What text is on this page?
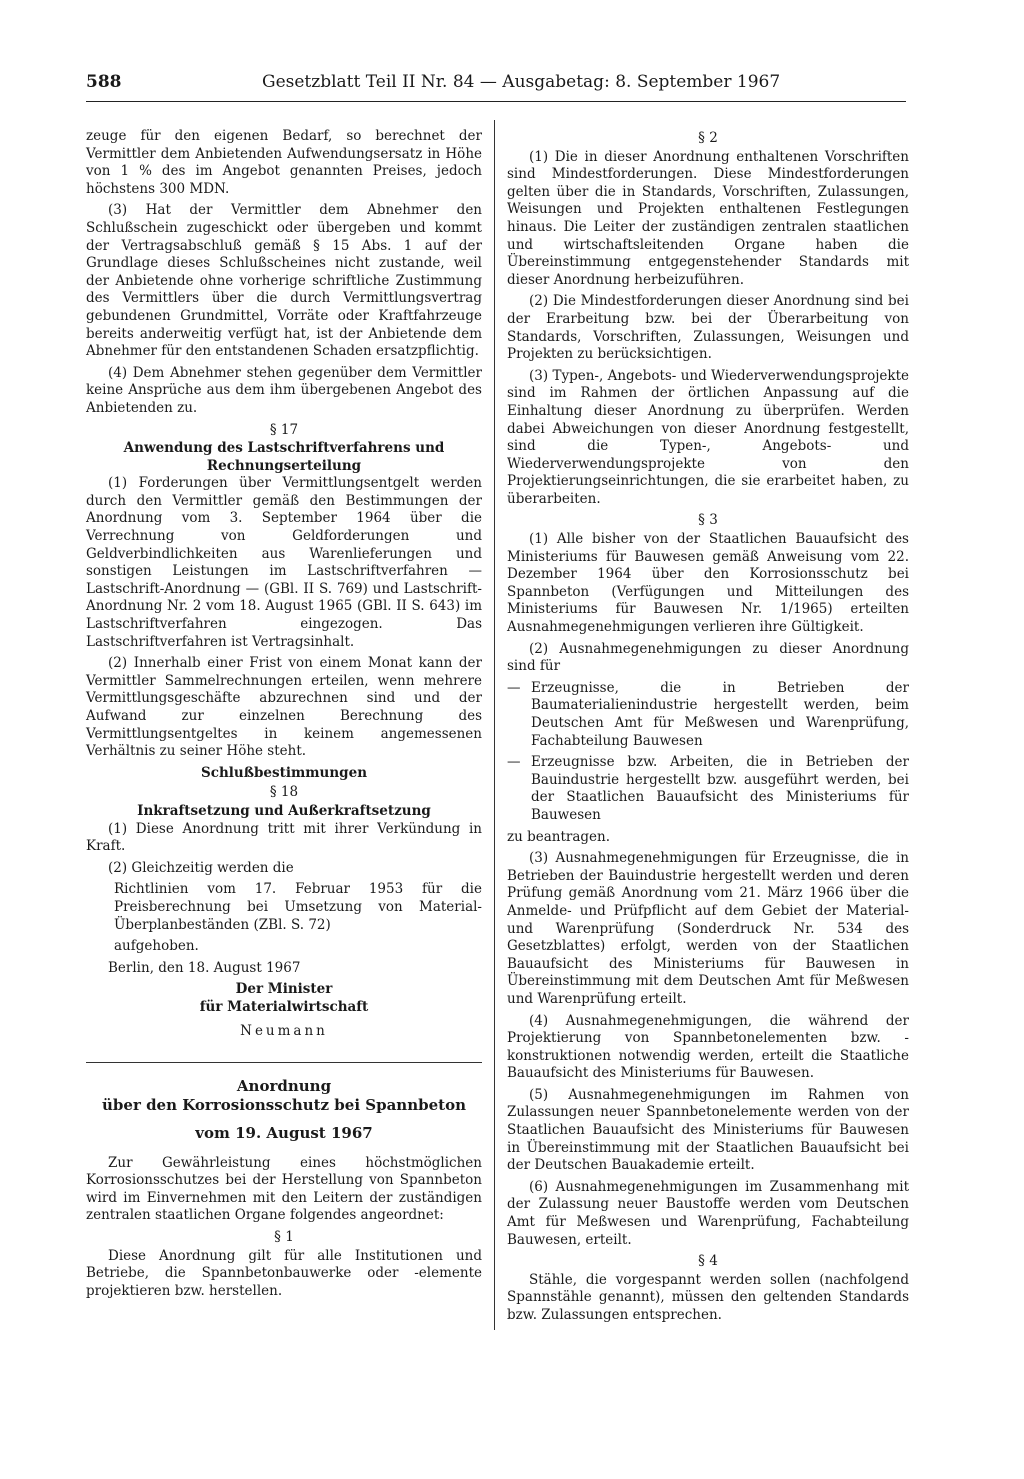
588	Gesetzblatt Teil II Nr. 84 — Ausgabetag: 8. September 1967

zeuge für den eigenen Bedarf, so berechnet der Vermittler dem Anbietenden Aufwendungsersatz in Höhe von 1 % des im Angebot genannten Preises, jedoch höchstens 300 MDN.

(3) Hat der Vermittler dem Abnehmer den Schlußschein zugeschickt oder übergeben und kommt der Vertragsabschluß gemäß § 15 Abs. 1 auf der Grundlage dieses Schlußscheines nicht zustande, weil der Anbietende ohne vorherige schriftliche Zustimmung des Vermittlers über die durch Vermittlungsvertrag gebundenen Grundmittel, Vorräte oder Kraftfahrzeuge bereits anderweitig verfügt hat, ist der Anbietende dem Abnehmer für den entstandenen Schaden ersatzpflichtig.

(4) Dem Abnehmer stehen gegenüber dem Vermittler keine Ansprüche aus dem ihm übergebenen Angebot des Anbietenden zu.

§ 17

Anwendung des Lastschriftverfahrens und

Rechnungserteilung

(1) Forderungen über Vermittlungsentgelt werden durch den Vermittler gemäß den Bestimmungen der Anordnung vom 3. September 1964 über die Verrechnung von Geldforderungen und Geldverbindlichkeiten aus Warenlieferungen und sonstigen Leistungen im Lastschriftverfahren — Lastschrift-Anordnung — (GBl. II S. 769) und Lastschrift-Anordnung Nr. 2 vom 18. August 1965 (GBl. II S. 643) im Lastschriftverfahren eingezogen. Das Lastschriftverfahren ist Vertragsinhalt.

(2) Innerhalb einer Frist von einem Monat kann der Vermittler Sammelrechnungen erteilen, wenn mehrere Vermittlungsgeschäfte abzurechnen sind und der Aufwand zur einzelnen Berechnung des Vermittlungsentgeltes in keinem angemessenen Verhältnis zu seiner Höhe steht.

Schlußbestimmungen

§ 18

Inkraftsetzung und Außerkraftsetzung

(1) Diese Anordnung tritt mit ihrer Verkündung in Kraft.

(2) Gleichzeitig werden die

Richtlinien vom 17. Februar 1953 für die Preisberechnung bei Umsetzung von Material-Überplanbeständen (ZBl. S. 72)

aufgehoben.

Berlin, den 18. August 1967

Der Minister

für Materialwirtschaft

Neumann

Anordnung

über den Korrosionsschutz bei Spannbeton

vom 19. August 1967

Zur Gewährleistung eines höchstmöglichen Korrosionsschutzes bei der Herstellung von Spannbeton wird im Einvernehmen mit den Leitern der zuständigen zentralen staatlichen Organe folgendes angeordnet:

§ 1

Diese Anordnung gilt für alle Institutionen und Betriebe, die Spannbetonbauwerke oder -elemente projektieren bzw. herstellen.

§ 2

(1) Die in dieser Anordnung enthaltenen Vorschriften sind Mindestforderungen. Diese Mindestforderungen gelten über die in Standards, Vorschriften, Zulassungen, Weisungen und Projekten enthaltenen Festlegungen hinaus. Die Leiter der zuständigen zentralen staatlichen und wirtschaftsleitenden Organe haben die Übereinstimmung entgegenstehender Standards mit dieser Anordnung herbeizuführen.

(2) Die Mindestforderungen dieser Anordnung sind bei der Erarbeitung bzw. bei der Überarbeitung von Standards, Vorschriften, Zulassungen, Weisungen und Projekten zu berücksichtigen.

(3) Typen-, Angebots- und Wiederverwendungsprojekte sind im Rahmen der örtlichen Anpassung auf die Einhaltung dieser Anordnung zu überprüfen. Werden dabei Abweichungen von dieser Anordnung festgestellt, sind die Typen-, Angebots- und Wiederverwendungsprojekte von den Projektierungseinrichtungen, die sie erarbeitet haben, zu überarbeiten.

§ 3

(1) Alle bisher von der Staatlichen Bauaufsicht des Ministeriums für Bauwesen gemäß Anweisung vom 22. Dezember 1964 über den Korrosionsschutz bei Spannbeton (Verfügungen und Mitteilungen des Ministeriums für Bauwesen Nr. 1/1965) erteilten Ausnahmegenehmigungen verlieren ihre Gültigkeit.

(2) Ausnahmegenehmigungen zu dieser Anordnung sind für

— Erzeugnisse, die in Betrieben der Baumaterialienindustrie hergestellt werden, beim Deutschen Amt für Meßwesen und Warenprüfung, Fachabteilung Bauwesen
— Erzeugnisse bzw. Arbeiten, die in Betrieben der Bauindustrie hergestellt bzw. ausgeführt werden, bei der Staatlichen Bauaufsicht des Ministeriums für Bauwesen

zu beantragen.

(3) Ausnahmegenehmigungen für Erzeugnisse, die in Betrieben der Bauindustrie hergestellt werden und deren Prüfung gemäß Anordnung vom 21. März 1966 über die Anmelde- und Prüfpflicht auf dem Gebiet der Material- und Warenprüfung (Sonderdruck Nr. 534 des Gesetzblattes) erfolgt, werden von der Staatlichen Bauaufsicht des Ministeriums für Bauwesen in Übereinstimmung mit dem Deutschen Amt für Meßwesen und Warenprüfung erteilt.

(4) Ausnahmegenehmigungen, die während der Projektierung von Spannbetonelementen bzw. -konstruktionen notwendig werden, erteilt die Staatliche Bauaufsicht des Ministeriums für Bauwesen.

(5) Ausnahmegenehmigungen im Rahmen von Zulassungen neuer Spannbetonelemente werden von der Staatlichen Bauaufsicht des Ministeriums für Bauwesen in Übereinstimmung mit der Staatlichen Bauaufsicht bei der Deutschen Bauakademie erteilt.

(6) Ausnahmegenehmigungen im Zusammenhang mit der Zulassung neuer Baustoffe werden vom Deutschen Amt für Meßwesen und Warenprüfung, Fachabteilung Bauwesen, erteilt.

§ 4

Stähle, die vorgespannt werden sollen (nachfolgend Spannstähle genannt), müssen den geltenden Standards bzw. Zulassungen entsprechen.
